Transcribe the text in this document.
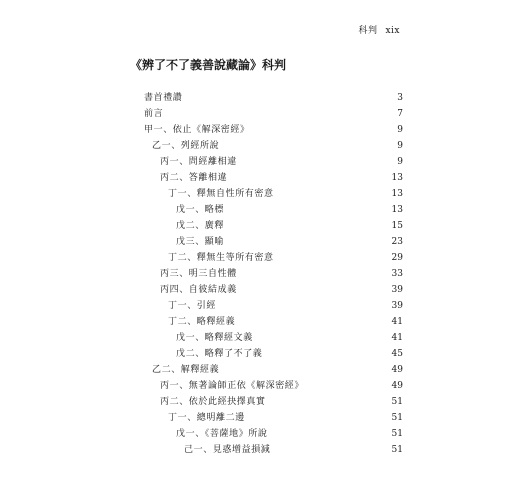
科判 xix
《辨了不了義善說藏論》科判
書首禮讚	3
前言	7
甲一、依止《解深密經》	9
乙一、列經所說	9
丙一、問經離相違	9
丙二、答離相違	13
丁一、釋無自性所有密意	13
戊一、略標	13
戊二、廣釋	15
戊三、顯喻	23
丁二、釋無生等所有密意	29
丙三、明三自性體	33
丙四、自彼結成義	39
丁一、引經	39
丁二、略釋經義	41
戊一、略釋經文義	41
戊二、略釋了不了義	45
乙二、解釋經義	49
丙一、無著論師正依《解深密經》	49
丙二、依於此經抉擇真實	51
丁一、總明離二邊	51
戊一、《菩薩地》所說	51
己一、見惑增益損減	51
